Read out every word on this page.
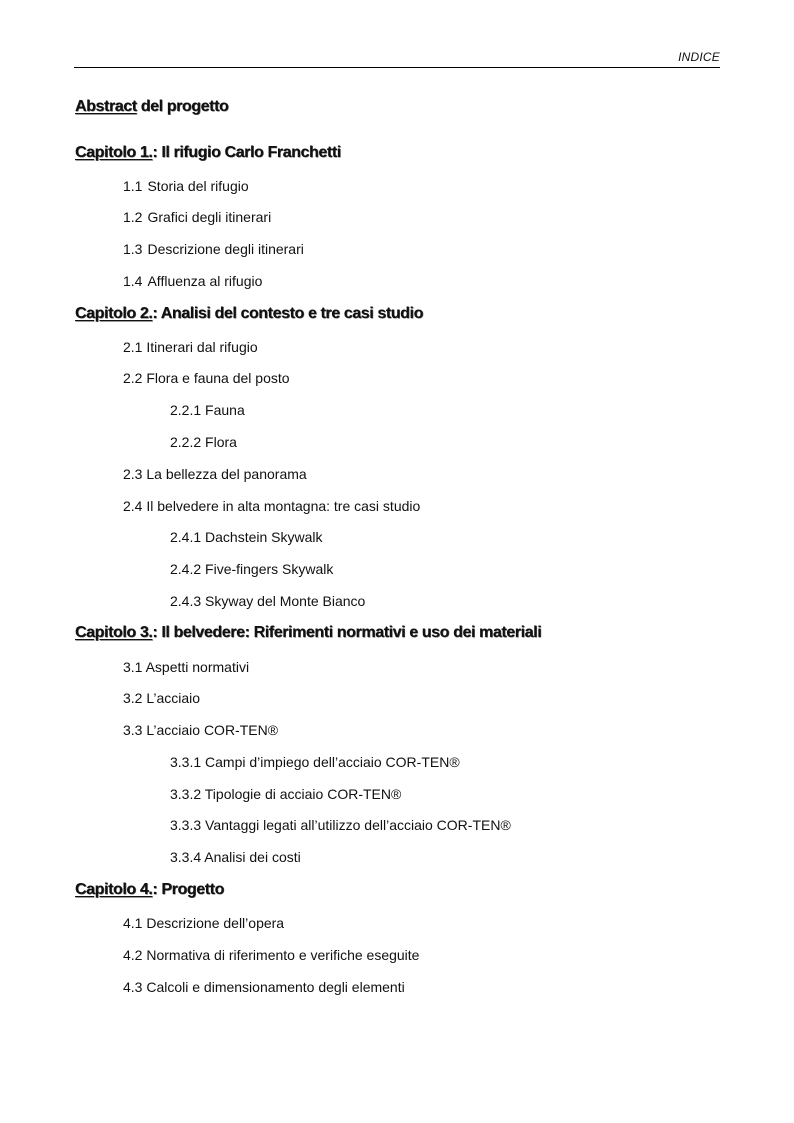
INDICE
Abstract del progetto
Capitolo 1.: Il rifugio Carlo Franchetti
1.1 Storia del rifugio
1.2 Grafici degli itinerari
1.3 Descrizione degli itinerari
1.4 Affluenza al rifugio
Capitolo 2.: Analisi del contesto e tre casi studio
2.1 Itinerari dal rifugio
2.2 Flora e fauna del posto
2.2.1 Fauna
2.2.2 Flora
2.3 La bellezza del panorama
2.4 Il belvedere in alta montagna: tre casi studio
2.4.1 Dachstein Skywalk
2.4.2 Five-fingers Skywalk
2.4.3 Skyway del Monte Bianco
Capitolo 3.: Il belvedere: Riferimenti normativi e uso dei materiali
3.1 Aspetti normativi
3.2 L’acciaio
3.3 L’acciaio COR-TEN®
3.3.1 Campi d’impiego dell’acciaio COR-TEN®
3.3.2 Tipologie di acciaio COR-TEN®
3.3.3 Vantaggi legati all’utilizzo dell’acciaio COR-TEN®
3.3.4 Analisi dei costi
Capitolo 4.: Progetto
4.1 Descrizione dell’opera
4.2 Normativa di riferimento e verifiche eseguite
4.3 Calcoli e dimensionamento degli elementi
